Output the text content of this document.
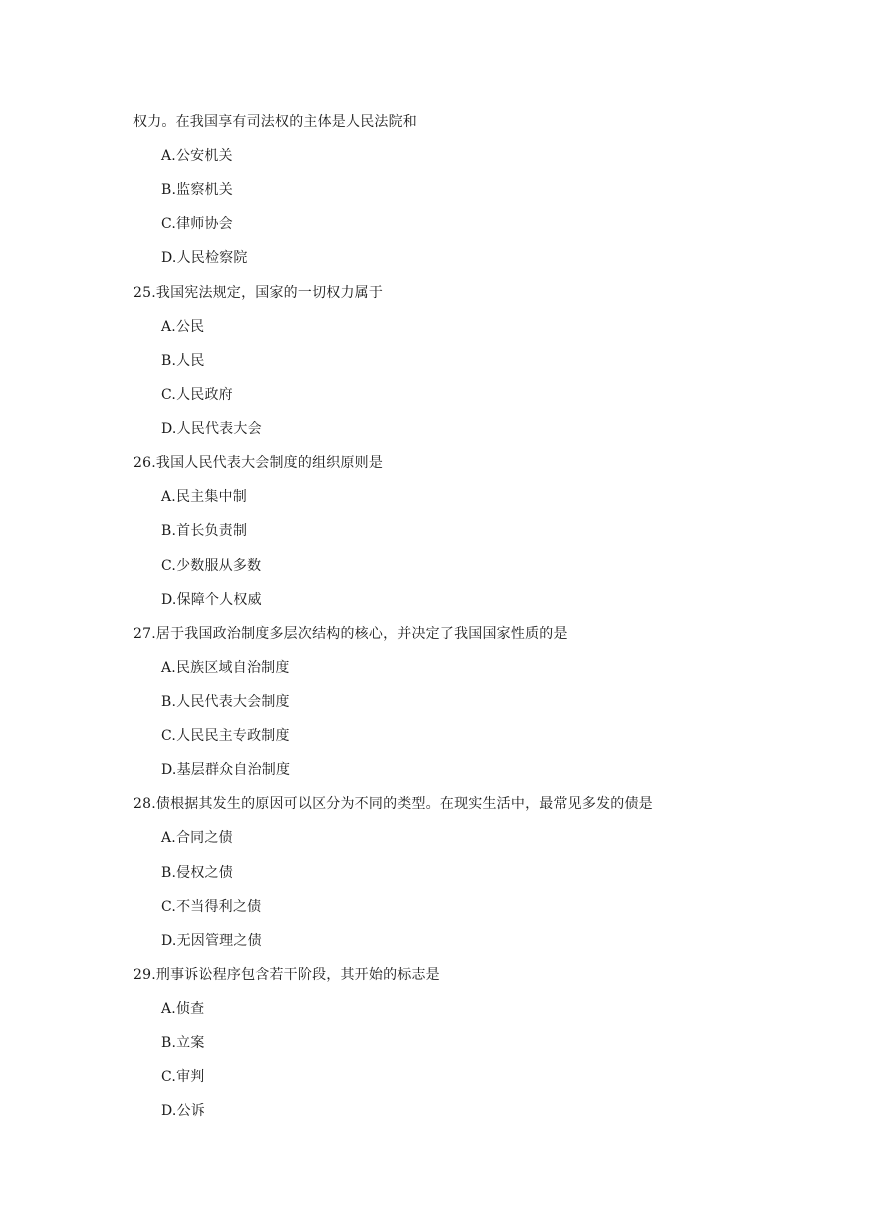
权力。在我国享有司法权的主体是人民法院和
A.公安机关
B.监察机关
C.律师协会
D.人民检察院
25.我国宪法规定，国家的一切权力属于
A.公民
B.人民
C.人民政府
D.人民代表大会
26.我国人民代表大会制度的组织原则是
A.民主集中制
B.首长负责制
C.少数服从多数
D.保障个人权威
27.居于我国政治制度多层次结构的核心，并决定了我国国家性质的是
A.民族区域自治制度
B.人民代表大会制度
C.人民民主专政制度
D.基层群众自治制度
28.债根据其发生的原因可以区分为不同的类型。在现实生活中，最常见多发的债是
A.合同之债
B.侵权之债
C.不当得利之债
D.无因管理之债
29.刑事诉讼程序包含若干阶段，其开始的标志是
A.侦查
B.立案
C.审判
D.公诉
